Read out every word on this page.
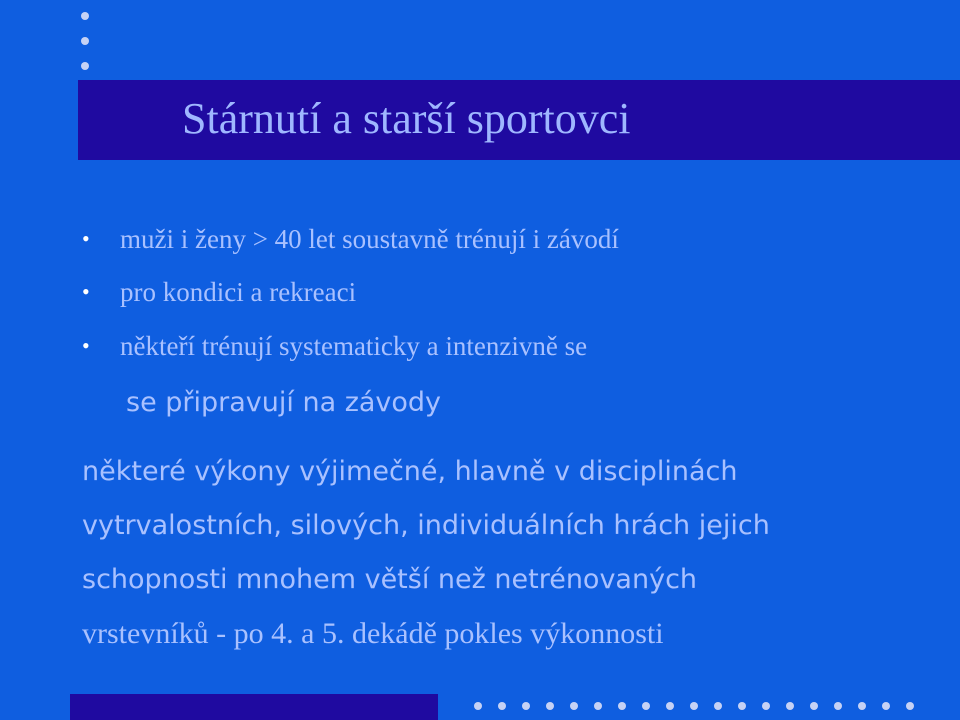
Stárnutí a starší sportovci
• muži i ženy > 40 let soustavně trénují i závodí
• pro kondici a rekreaci
• někteří trénují systematicky a intenzivně se
se připravují na závody
některé výkony výjimečné, hlavně v disciplinách
vytrvalostních, silových, individuálních hrách jejich
schopnosti mnohem větší než netrénovaných
vrstevníků - po 4. a 5. dekádě pokles výkonnosti
